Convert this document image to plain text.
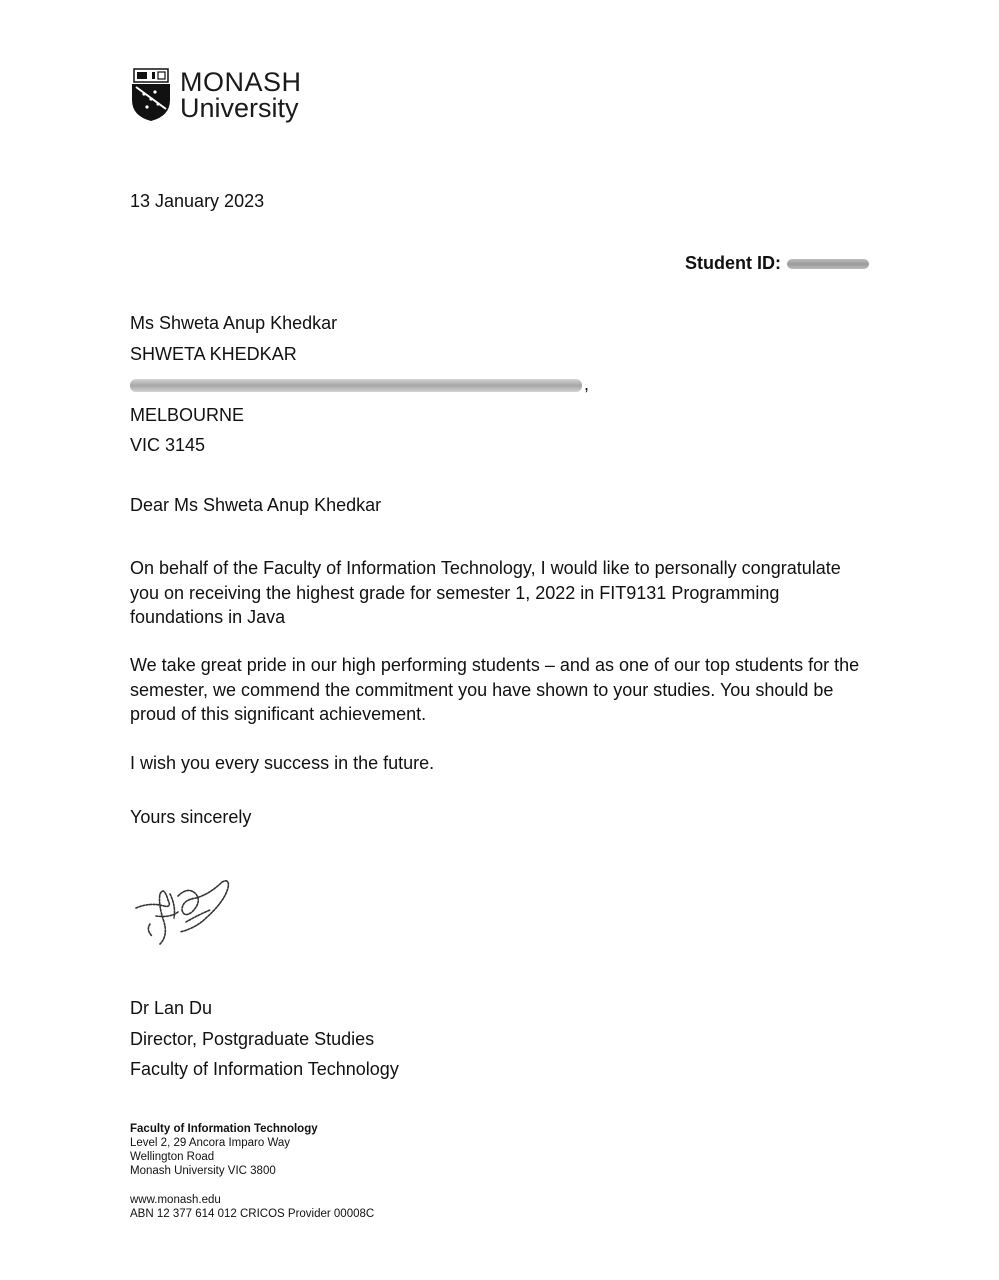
MONASH
University
13 January 2023
Student ID:
Ms Shweta Anup Khedkar
SHWETA KHEDKAR
,
MELBOURNE
VIC 3145
Dear Ms Shweta Anup Khedkar
On behalf of the Faculty of Information Technology, I would like to personally congratulate you on receiving the highest grade for semester 1, 2022 in FIT9131 Programming foundations in Java
We take great pride in our high performing students – and as one of our top students for the semester, we commend the commitment you have shown to your studies. You should be proud of this significant achievement.
I wish you every success in the future.
Yours sincerely
Dr Lan Du
Director, Postgraduate Studies
Faculty of Information Technology
Faculty of Information Technology
Level 2, 29 Ancora Imparo Way
Wellington Road
Monash University VIC 3800
www.monash.edu
ABN 12 377 614 012 CRICOS Provider 00008C
